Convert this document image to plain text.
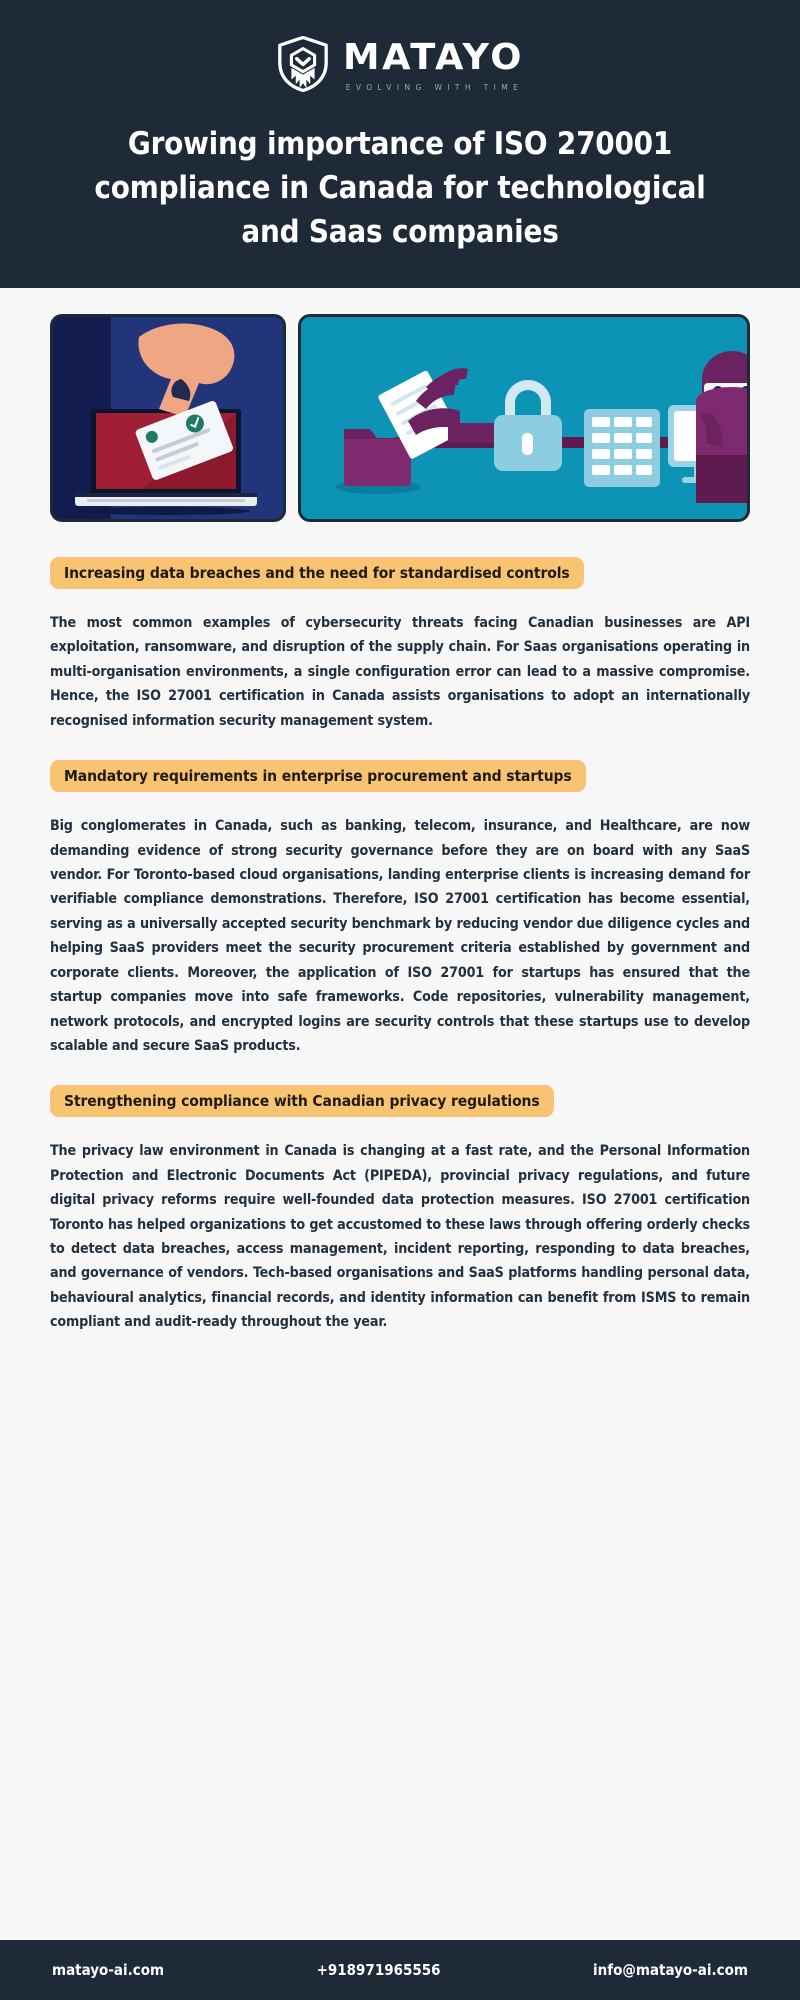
MATAYO
EVOLVING WITH TIME
Growing importance of ISO 270001 compliance in Canada for technological and Saas companies
Increasing data breaches and the need for standardised controls

The most common examples of cybersecurity threats facing Canadian businesses are API exploitation, ransomware, and disruption of the supply chain. For Saas organisations operating in multi-organisation environments, a single configuration error can lead to a massive compromise. Hence, the ISO 27001 certification in Canada assists organisations to adopt an internationally recognised information security management system.

Mandatory requirements in enterprise procurement and startups

Big conglomerates in Canada, such as banking, telecom, insurance, and Healthcare, are now demanding evidence of strong security governance before they are on board with any SaaS vendor. For Toronto-based cloud organisations, landing enterprise clients is increasing demand for verifiable compliance demonstrations. Therefore, ISO 27001 certification has become essential, serving as a universally accepted security benchmark by reducing vendor due diligence cycles and helping SaaS providers meet the security procurement criteria established by government and corporate clients. Moreover, the application of ISO 27001 for startups has ensured that the startup companies move into safe frameworks. Code repositories, vulnerability management, network protocols, and encrypted logins are security controls that these startups use to develop scalable and secure SaaS products.

Strengthening compliance with Canadian privacy regulations

The privacy law environment in Canada is changing at a fast rate, and the Personal Information Protection and Electronic Documents Act (PIPEDA), provincial privacy regulations, and future digital privacy reforms require well-founded data protection measures. ISO 27001 certification Toronto has helped organizations to get accustomed to these laws through offering orderly checks to detect data breaches, access management, incident reporting, responding to data breaches, and governance of vendors. Tech-based organisations and SaaS platforms handling personal data, behavioural analytics, financial records, and identity information can benefit from ISMS to remain compliant and audit-ready throughout the year.

matayo-ai.com	+918971965556	info@matayo-ai.com
